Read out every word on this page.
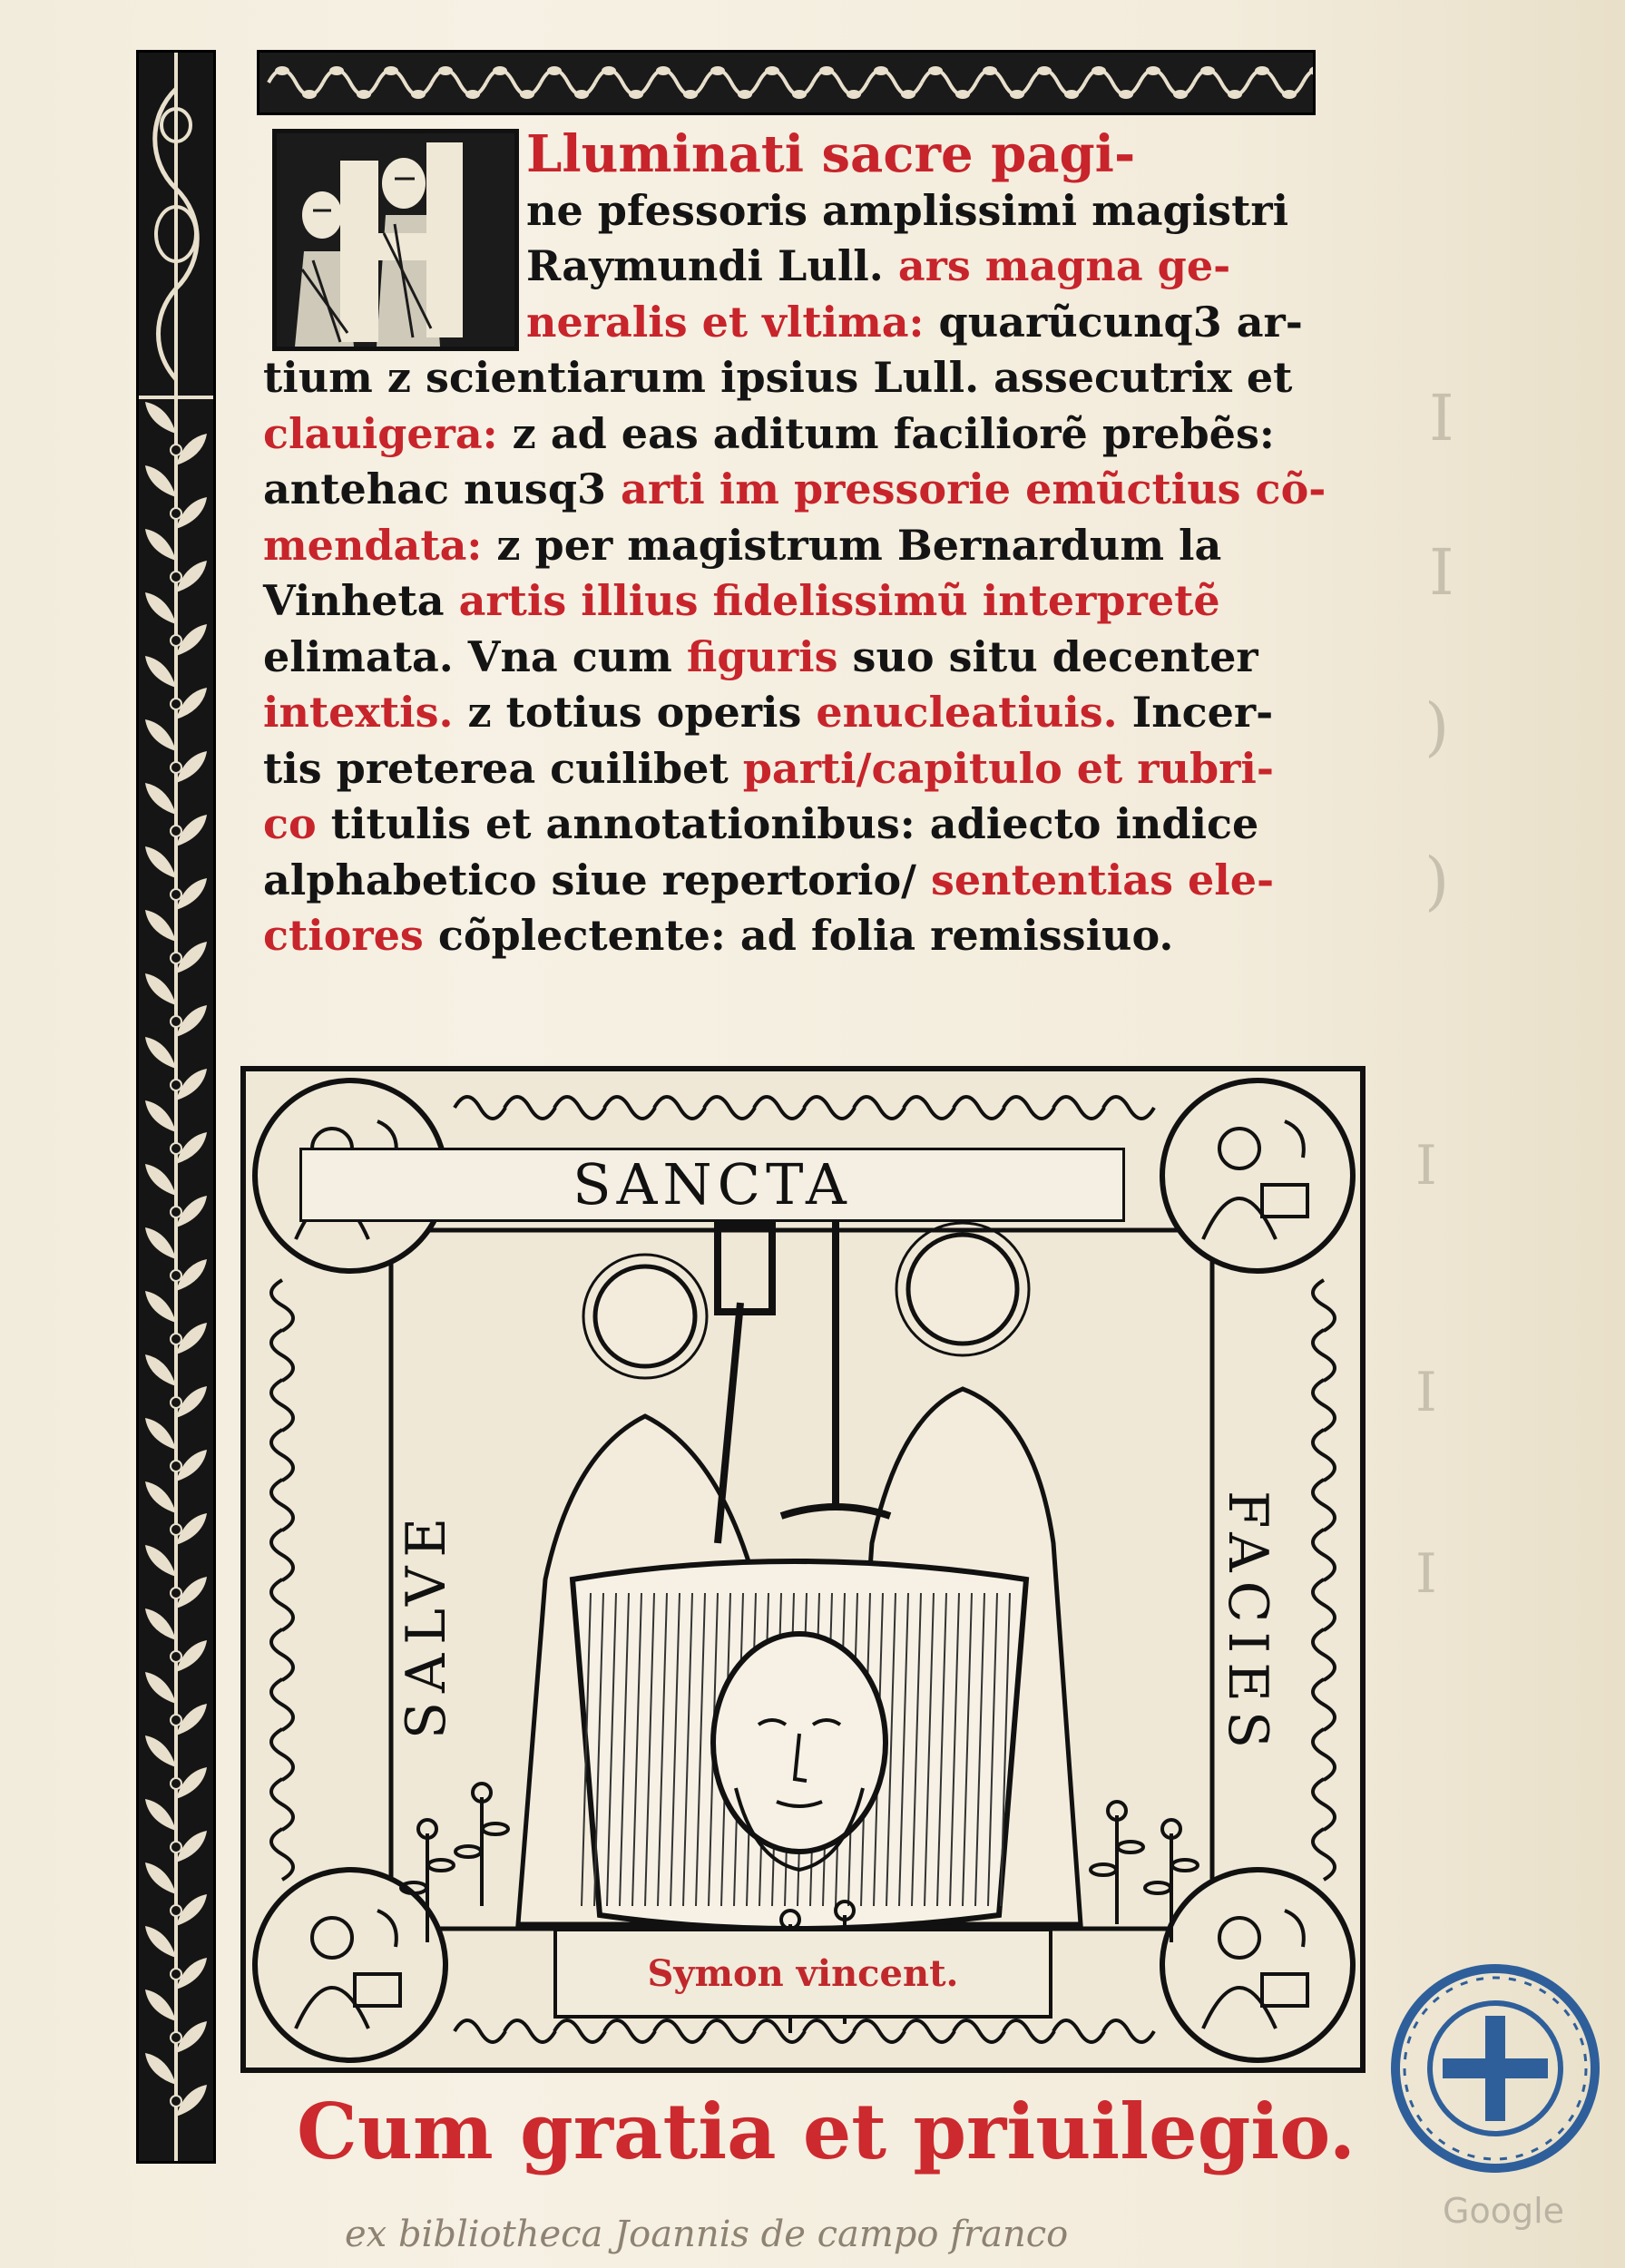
I
I
)
)
I
I
I
Lluminati sacre pagi-
ne pfessoris amplissimi magistri
Raymundi Lull. ars magna ge-
neralis et vltima: quarũcunq3 ar-
tium z scientiarum ipsius Lull. assecutrix et
clauigera: z ad eas aditum faciliorẽ prebẽs:
antehac nusq3 arti im pressorie emũctius cõ-
mendata: z per magistrum Bernardum la
Vinheta artis illius fidelissimũ interpretẽ
elimata. Vna cum figuris suo situ decenter
intextis. z totius operis enucleatiuis. Incer-
tis preterea cuilibet parti/capitulo et rubri-
co titulis et annotationibus: adiecto indice
alphabetico siue repertorio/ sententias ele-
ctiores cõplectente: ad folia remissiuo.
SANCTA
SALVE	FACIES
Symon vincent.
Cum gratia et priuilegio.
Google
ex bibliotheca Joannis de campo franco
